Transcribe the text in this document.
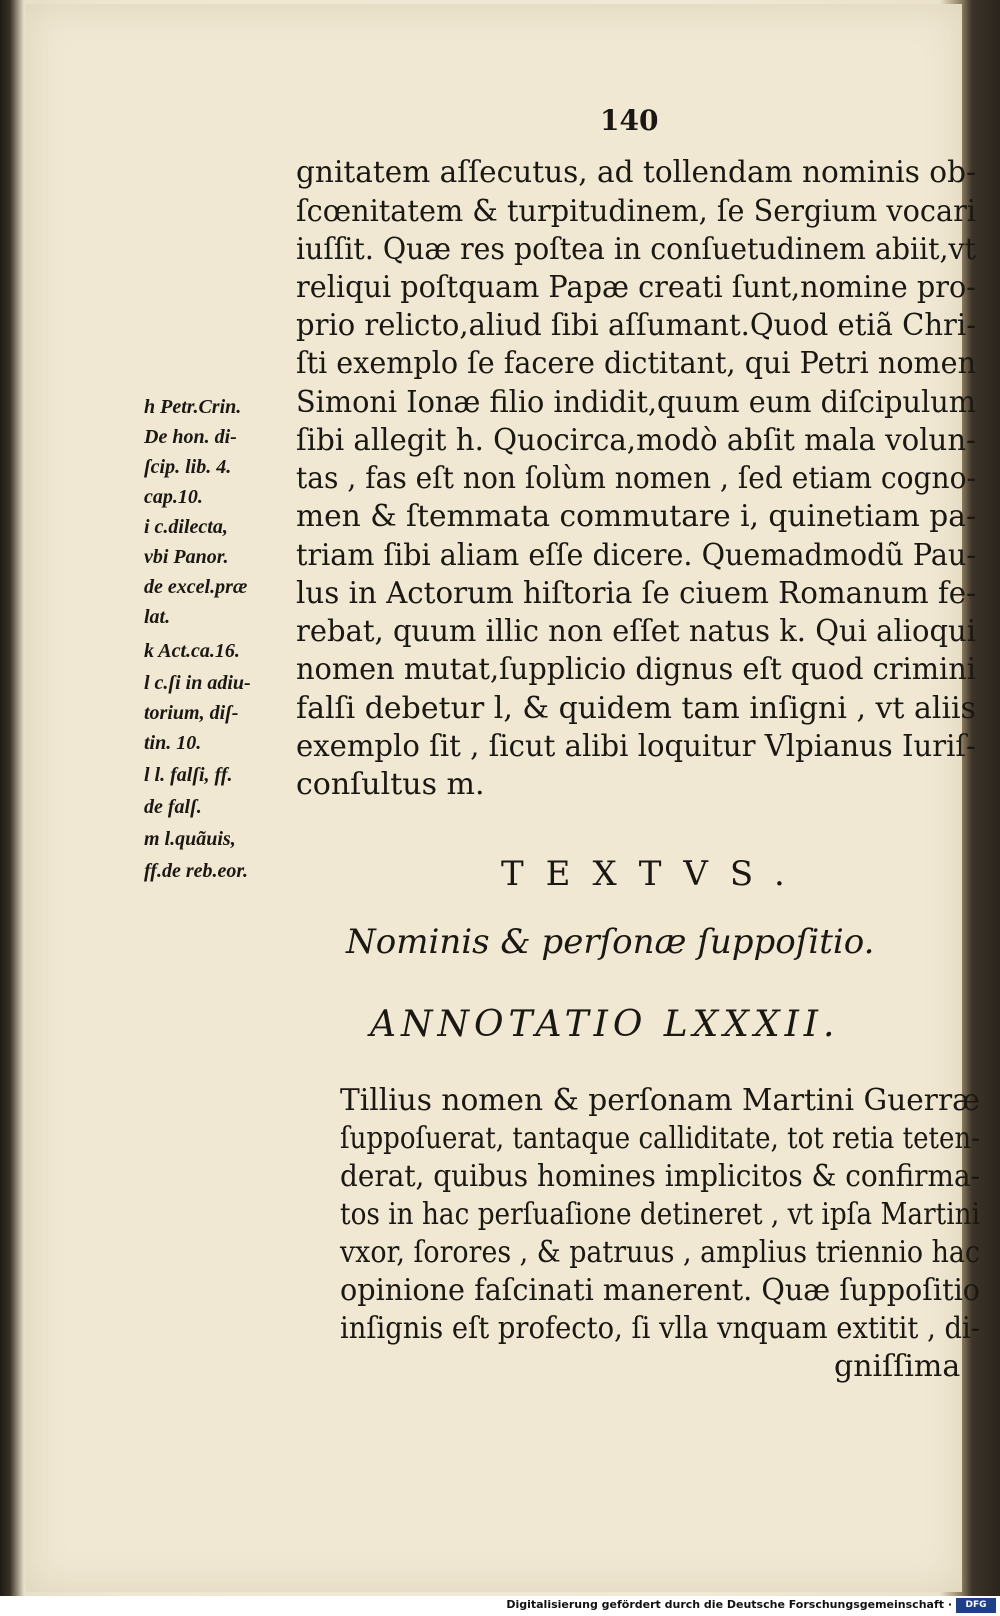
140
gnitatem aſſecutus, ad tollendam nominis ob-
ſcœnitatem & turpitudinem, ſe Sergium vocari
iuſſit. Quæ res poſtea in conſuetudinem abiit,vt
reliqui poſtquam Papæ creati ſunt,nomine pro-
prio relicto,aliud ſibi aſſumant.Quod etiã Chri-
ſti exemplo ſe facere dictitant, qui Petri nomen
Simoni Ionæ filio indidit,quum eum diſcipulum
ſibi allegit h. Quocirca,modò abſit mala volun-
tas , fas eſt non ſolùm nomen , ſed etiam cogno-
men & ſtemmata commutare i, quinetiam pa-
triam ſibi aliam eſſe dicere. Quemadmodũ Pau-
lus in Actorum hiſtoria ſe ciuem Romanum fe-
rebat, quum illic non eſſet natus k. Qui alioqui
nomen mutat,ſupplicio dignus eſt quod crimini
falſi debetur l, & quidem tam inſigni , vt aliis
exemplo ſit , ſicut alibi loquitur Vlpianus Iuriſ-
conſultus m.
h Petr.Crin.
De hon. di-
ſcip. lib. 4.
cap.10.
i c.dilecta,
vbi Panor.
de excel.præ
lat.
k Act.ca.16.
l c.ſi in adiu-
torium, diſ-
tin. 10.
l l. falſi, ff.
de falſ.
m l.quãuis,
ff.de reb.eor.	TEXTVS.
Nominis & perſonæ ſuppoſitio.
ANNOTATIO LXXXII.
Tillius nomen & perſonam Martini Guerræ
ſuppoſuerat, tantaque calliditate, tot retia teten-
derat, quibus homines implicitos & confirma-
tos in hac perſuaſione detineret , vt ipſa Martini
vxor, ſorores , & patruus , amplius triennio hac
opinione faſcinati manerent. Quæ ſuppoſitio
inſignis eſt profecto, ſi vlla vnquam extitit , di-
gniſſima
Digitalisierung gefördert durch die Deutsche Forschungsgemeinschaft ·	DFG
